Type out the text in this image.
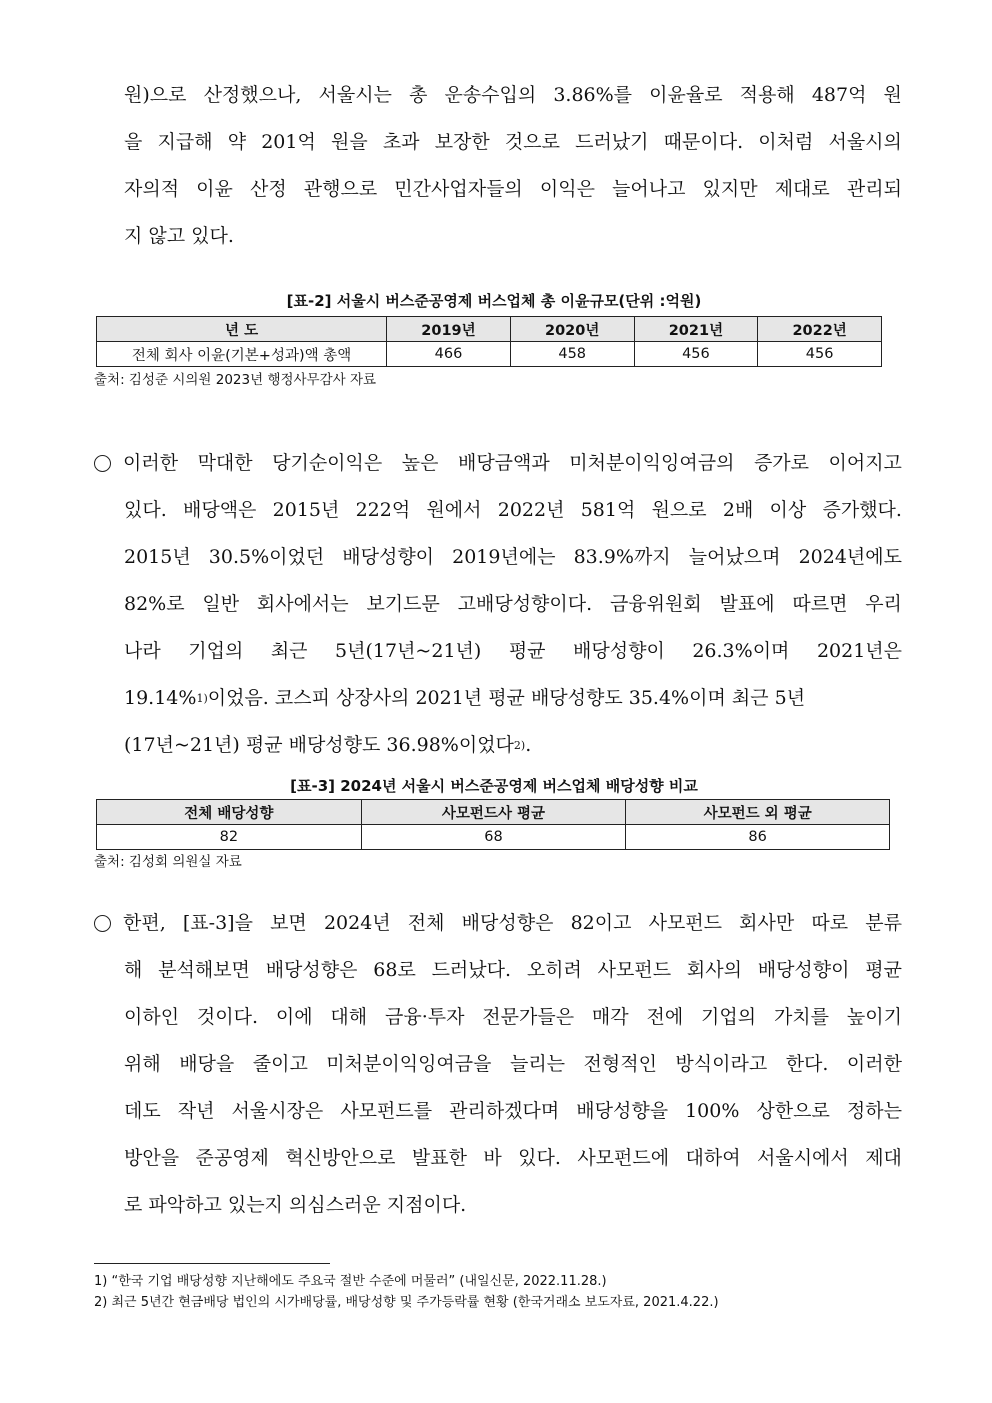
원)으로 산정했으나, 서울시는 총 운송수입의 3.86%를 이윤율로 적용해 487억 원
을 지급해 약 201억 원을 초과 보장한 것으로 드러났기 때문이다. 이처럼 서울시의
자의적 이윤 산정 관행으로 민간사업자들의 이익은 늘어나고 있지만 제대로 관리되
지 않고 있다.
[표-2] 서울시 버스준공영제 버스업체 총 이윤규모(단위 :억원)
년 도	2019년	2020년	2021년	2022년
전체 회사 이윤(기본+성과)액 총액	466	458	456	456
출처: 김성준 시의원 2023년 행정사무감사 자료
이러한 막대한 당기순이익은 높은 배당금액과 미처분이익잉여금의 증가로 이어지고
있다. 배당액은 2015년 222억 원에서 2022년 581억 원으로 2배 이상 증가했다.
2015년 30.5%이었던 배당성향이 2019년에는 83.9%까지 늘어났으며 2024년에도
82%로 일반 회사에서는 보기드문 고배당성향이다. 금융위원회 발표에 따르면 우리
나라 기업의 최근 5년(17년~21년) 평균 배당성향이 26.3%이며 2021년은
19.14% 1) 이었음. 코스피 상장사의 2021년 평균 배당성향도 35.4%이며 최근 5년
(17년~21년) 평균 배당성향도 36.98%이었다 2) .
[표-3] 2024년 서울시 버스준공영제 버스업체 배당성향 비교
전체 배당성향	사모펀드사 평균	사모펀드 외 평균
82	68	86
출처: 김성회 의원실 자료
한편, [표-3]을 보면 2024년 전체 배당성향은 82이고 사모펀드 회사만 따로 분류
해 분석해보면 배당성향은 68로 드러났다. 오히려 사모펀드 회사의 배당성향이 평균
이하인 것이다. 이에 대해 금융·투자 전문가들은 매각 전에 기업의 가치를 높이기
위해 배당을 줄이고 미처분이익잉여금을 늘리는 전형적인 방식이라고 한다. 이러한
데도 작년 서울시장은 사모펀드를 관리하겠다며 배당성향을 100% 상한으로 정하는
방안을 준공영제 혁신방안으로 발표한 바 있다. 사모펀드에 대하여 서울시에서 제대
로 파악하고 있는지 의심스러운 지점이다.
1) “한국 기업 배당성향 지난해에도 주요국 절반 수준에 머물러” (내일신문, 2022.11.28.)
2) 최근 5년간 현금배당 법인의 시가배당률, 배당성향 및 주가등락률 현황 (한국거래소 보도자료, 2021.4.22.)
